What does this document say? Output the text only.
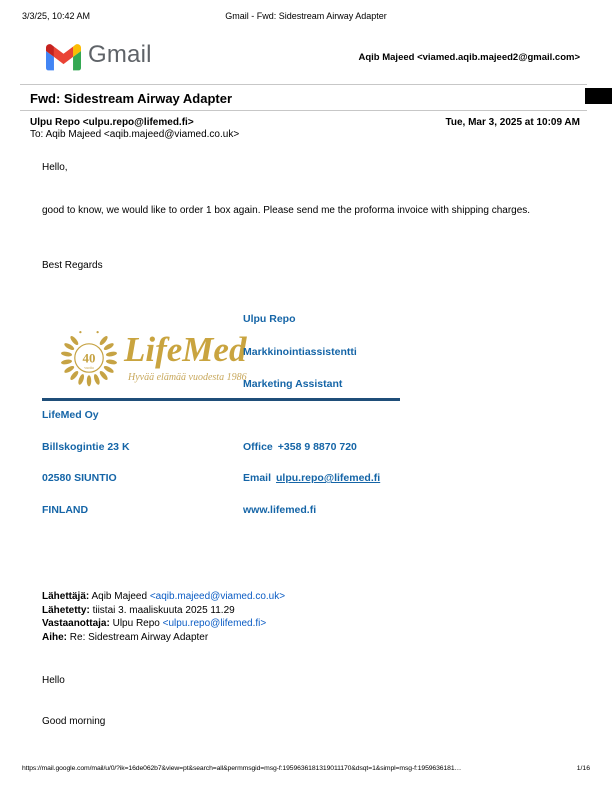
3/3/25, 10:42 AM	Gmail - Fwd: Sidestream Airway Adapter
Gmail	Aqib Majeed <viamed.aqib.majeed2@gmail.com>
Fwd: Sidestream Airway Adapter
Ulpu Repo <ulpu.repo@lifemed.fi>	Tue, Mar 3, 2025 at 10:09 AM
To: Aqib Majeed <aqib.majeed@viamed.co.uk>
Hello,
good to know, we would like to order 1 box again. Please send me the proforma invoice with shipping charges.
Best Regards
40
vuotta LifeMed
Hyvää elämää vuodesta 1986
Ulpu Repo
Markkinointiassistentti
Marketing Assistant
LifeMed Oy
Billskogintie 23 K
02580 SIUNTIO
FINLAND
Office +358 9 8870 720
Email ulpu.repo@lifemed.fi
www.lifemed.fi
Lähettäjä: Aqib Majeed <aqib.majeed@viamed.co.uk>
Lähetetty: tiistai 3. maaliskuuta 2025 11.29
Vastaanottaja: Ulpu Repo <ulpu.repo@lifemed.fi>
Aihe: Re: Sidestream Airway Adapter
Hello
Good morning
https://mail.google.com/mail/u/0/?ik=16de062b7&view=pt&search=all&permmsgid=msg-f:1959636181319011170&dsqt=1&simpl=msg-f:1959636181…	1/16
